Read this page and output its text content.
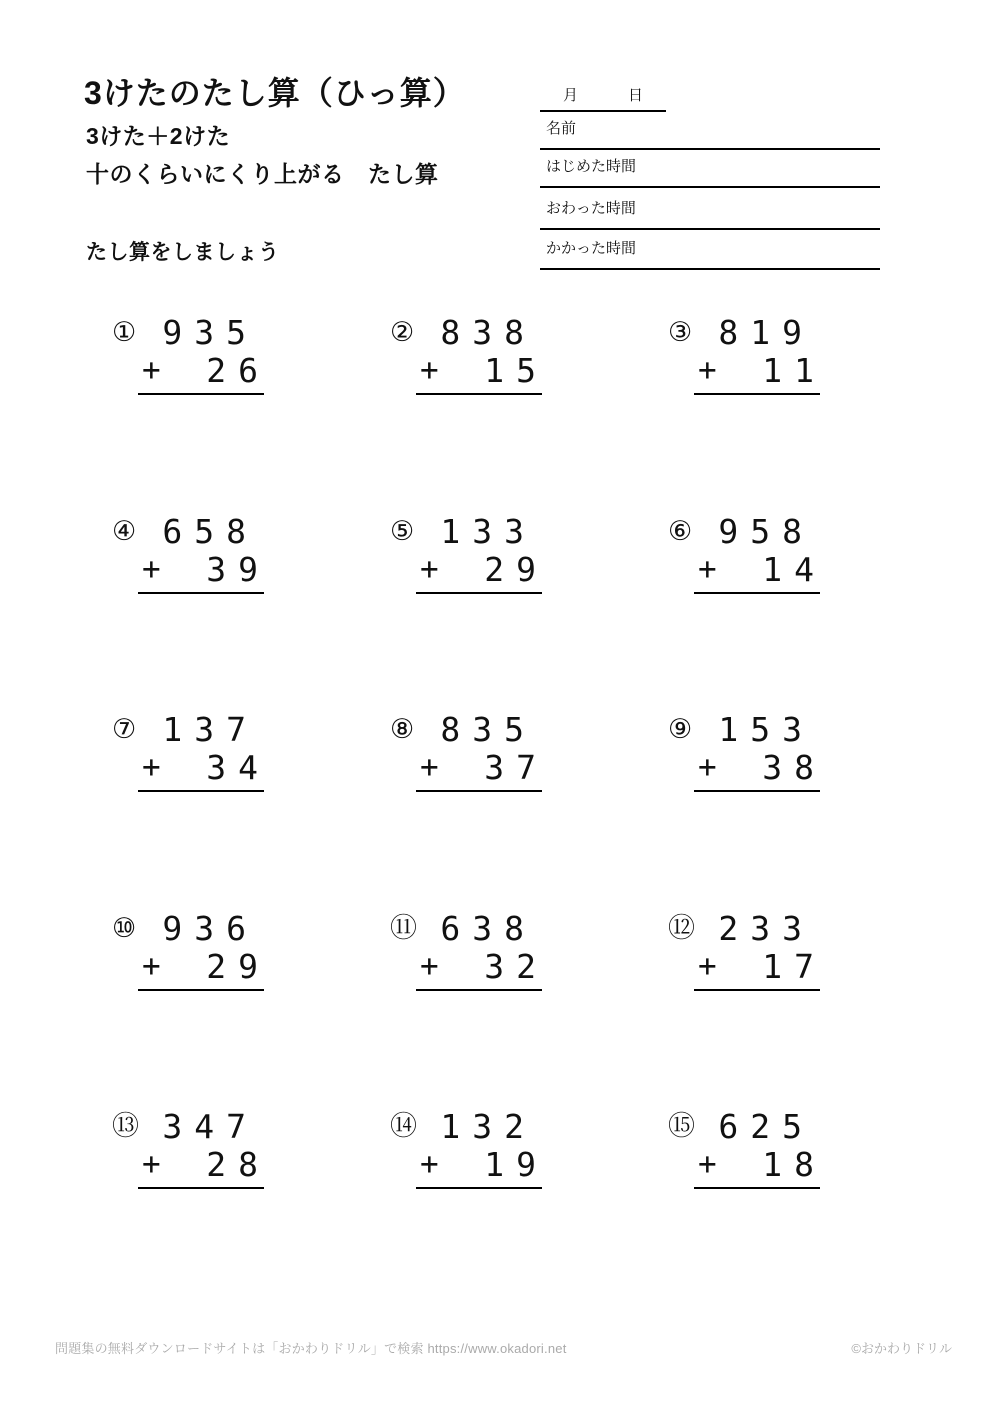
3けたのたし算（ひっ算）
3けた＋2けた
十のくらいにくり上がる　たし算
たし算をしましょう
月	日
名前
はじめた時間
おわった時間
かかった時間
① 935
+ 26
② 838
+ 15
③ 819
+ 11
④ 658
+ 39
⑤ 133
+ 29
⑥ 958
+ 14
⑦ 137
+ 34
⑧ 835
+ 37
⑨ 153
+ 38
⑩ 936
+ 29
⑪ 638
+ 32
⑫ 233
+ 17
⑬ 347
+ 28
⑭ 132
+ 19
⑮ 625
+ 18
問題集の無料ダウンロードサイトは「おかわりドリル」で検索 https://www.okadori.net	©おかわりドリル
